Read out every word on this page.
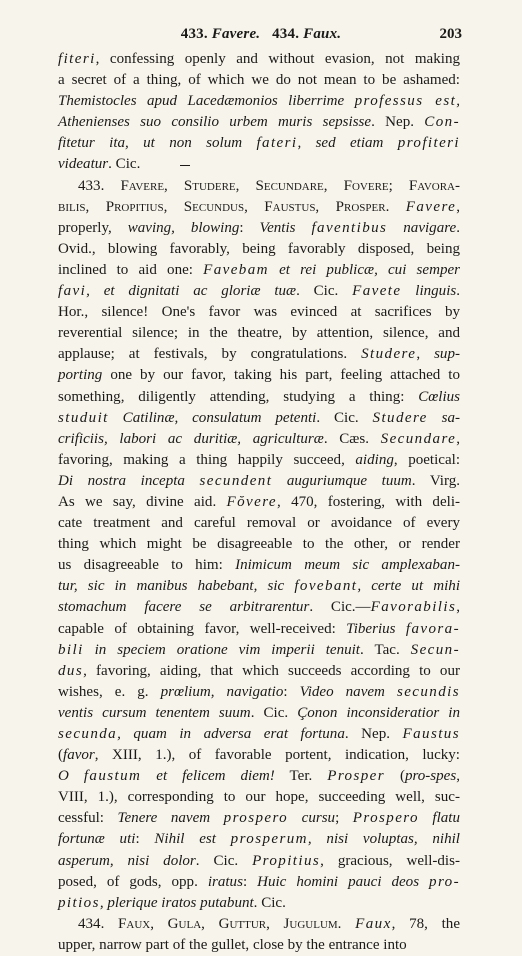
433. Favere. 434. Faux.	203
fiteri, confessing openly and without evasion, not making
a secret of a thing, of which we do not mean to be ashamed:
Themistocles apud Lacedæmonios liberrime professus est,
Athenienses suo consilio urbem muris sepsisse. Nep. Con-
fitetur ita, ut non solum fateri, sed etiam profiteri
videatur. Cic.
433. Favere, Studere, Secundare, Fovere; Favora-
bilis, Propitius, Secundus, Faustus, Prosper. Favere,
properly, waving, blowing: Ventis faventibus navigare.
Ovid., blowing favorably, being favorably disposed, being
inclined to aid one: Favebam et rei publicæ, cui semper
favi, et dignitati ac gloriæ tuæ. Cic. Favete linguis.
Hor., silence! One's favor was evinced at sacrifices by
reverential silence; in the theatre, by attention, silence, and
applause; at festivals, by congratulations. Studere, sup-
porting one by our favor, taking his part, feeling attached to
something, diligently attending, studying a thing: Cœlius
studuit Catilinæ, consulatum petenti. Cic. Studere sa-
crificiis, labori ac duritiæ, agriculturæ. Cæs. Secundare,
favoring, making a thing happily succeed, aiding, poetical:
Di nostra incepta secundent auguriumque tuum. Virg.
As we say, divine aid. Fŏvere, 470, fostering, with deli-
cate treatment and careful removal or avoidance of every
thing which might be disagreeable to the other, or render
us disagreeable to him: Inimicum meum sic amplexaban-
tur, sic in manibus habebant, sic fovebant, certe ut mihi
stomachum facere se arbitrarentur. Cic.—Favorabilis,
capable of obtaining favor, well-received: Tiberius favora-
bili in speciem oratione vim imperii tenuit. Tac. Secun-
dus, favoring, aiding, that which succeeds according to our
wishes, e. g. prœlium, navigatio: Video navem secundis
ventis cursum tenentem suum. Cic. Çonon inconsideratior in
secunda, quam in adversa erat fortuna. Nep. Faustus
(favor, XIII, 1.), of favorable portent, indication, lucky:
O faustum et felicem diem! Ter. Prosper (pro-spes,
VIII, 1.), corresponding to our hope, succeeding well, suc-
cessful: Tenere navem prospero cursu; Prospero flatu
fortunæ uti: Nihil est prosperum, nisi voluptas, nihil
asperum, nisi dolor. Cic. Propitius, gracious, well-dis-
posed, of gods, opp. iratus: Huic homini pauci deos pro-
pitios, plerique iratos putabunt. Cic.
434. Faux, Gula, Guttur, Jugulum. Faux, 78, the
upper, narrow part of the gullet, close by the entrance into
